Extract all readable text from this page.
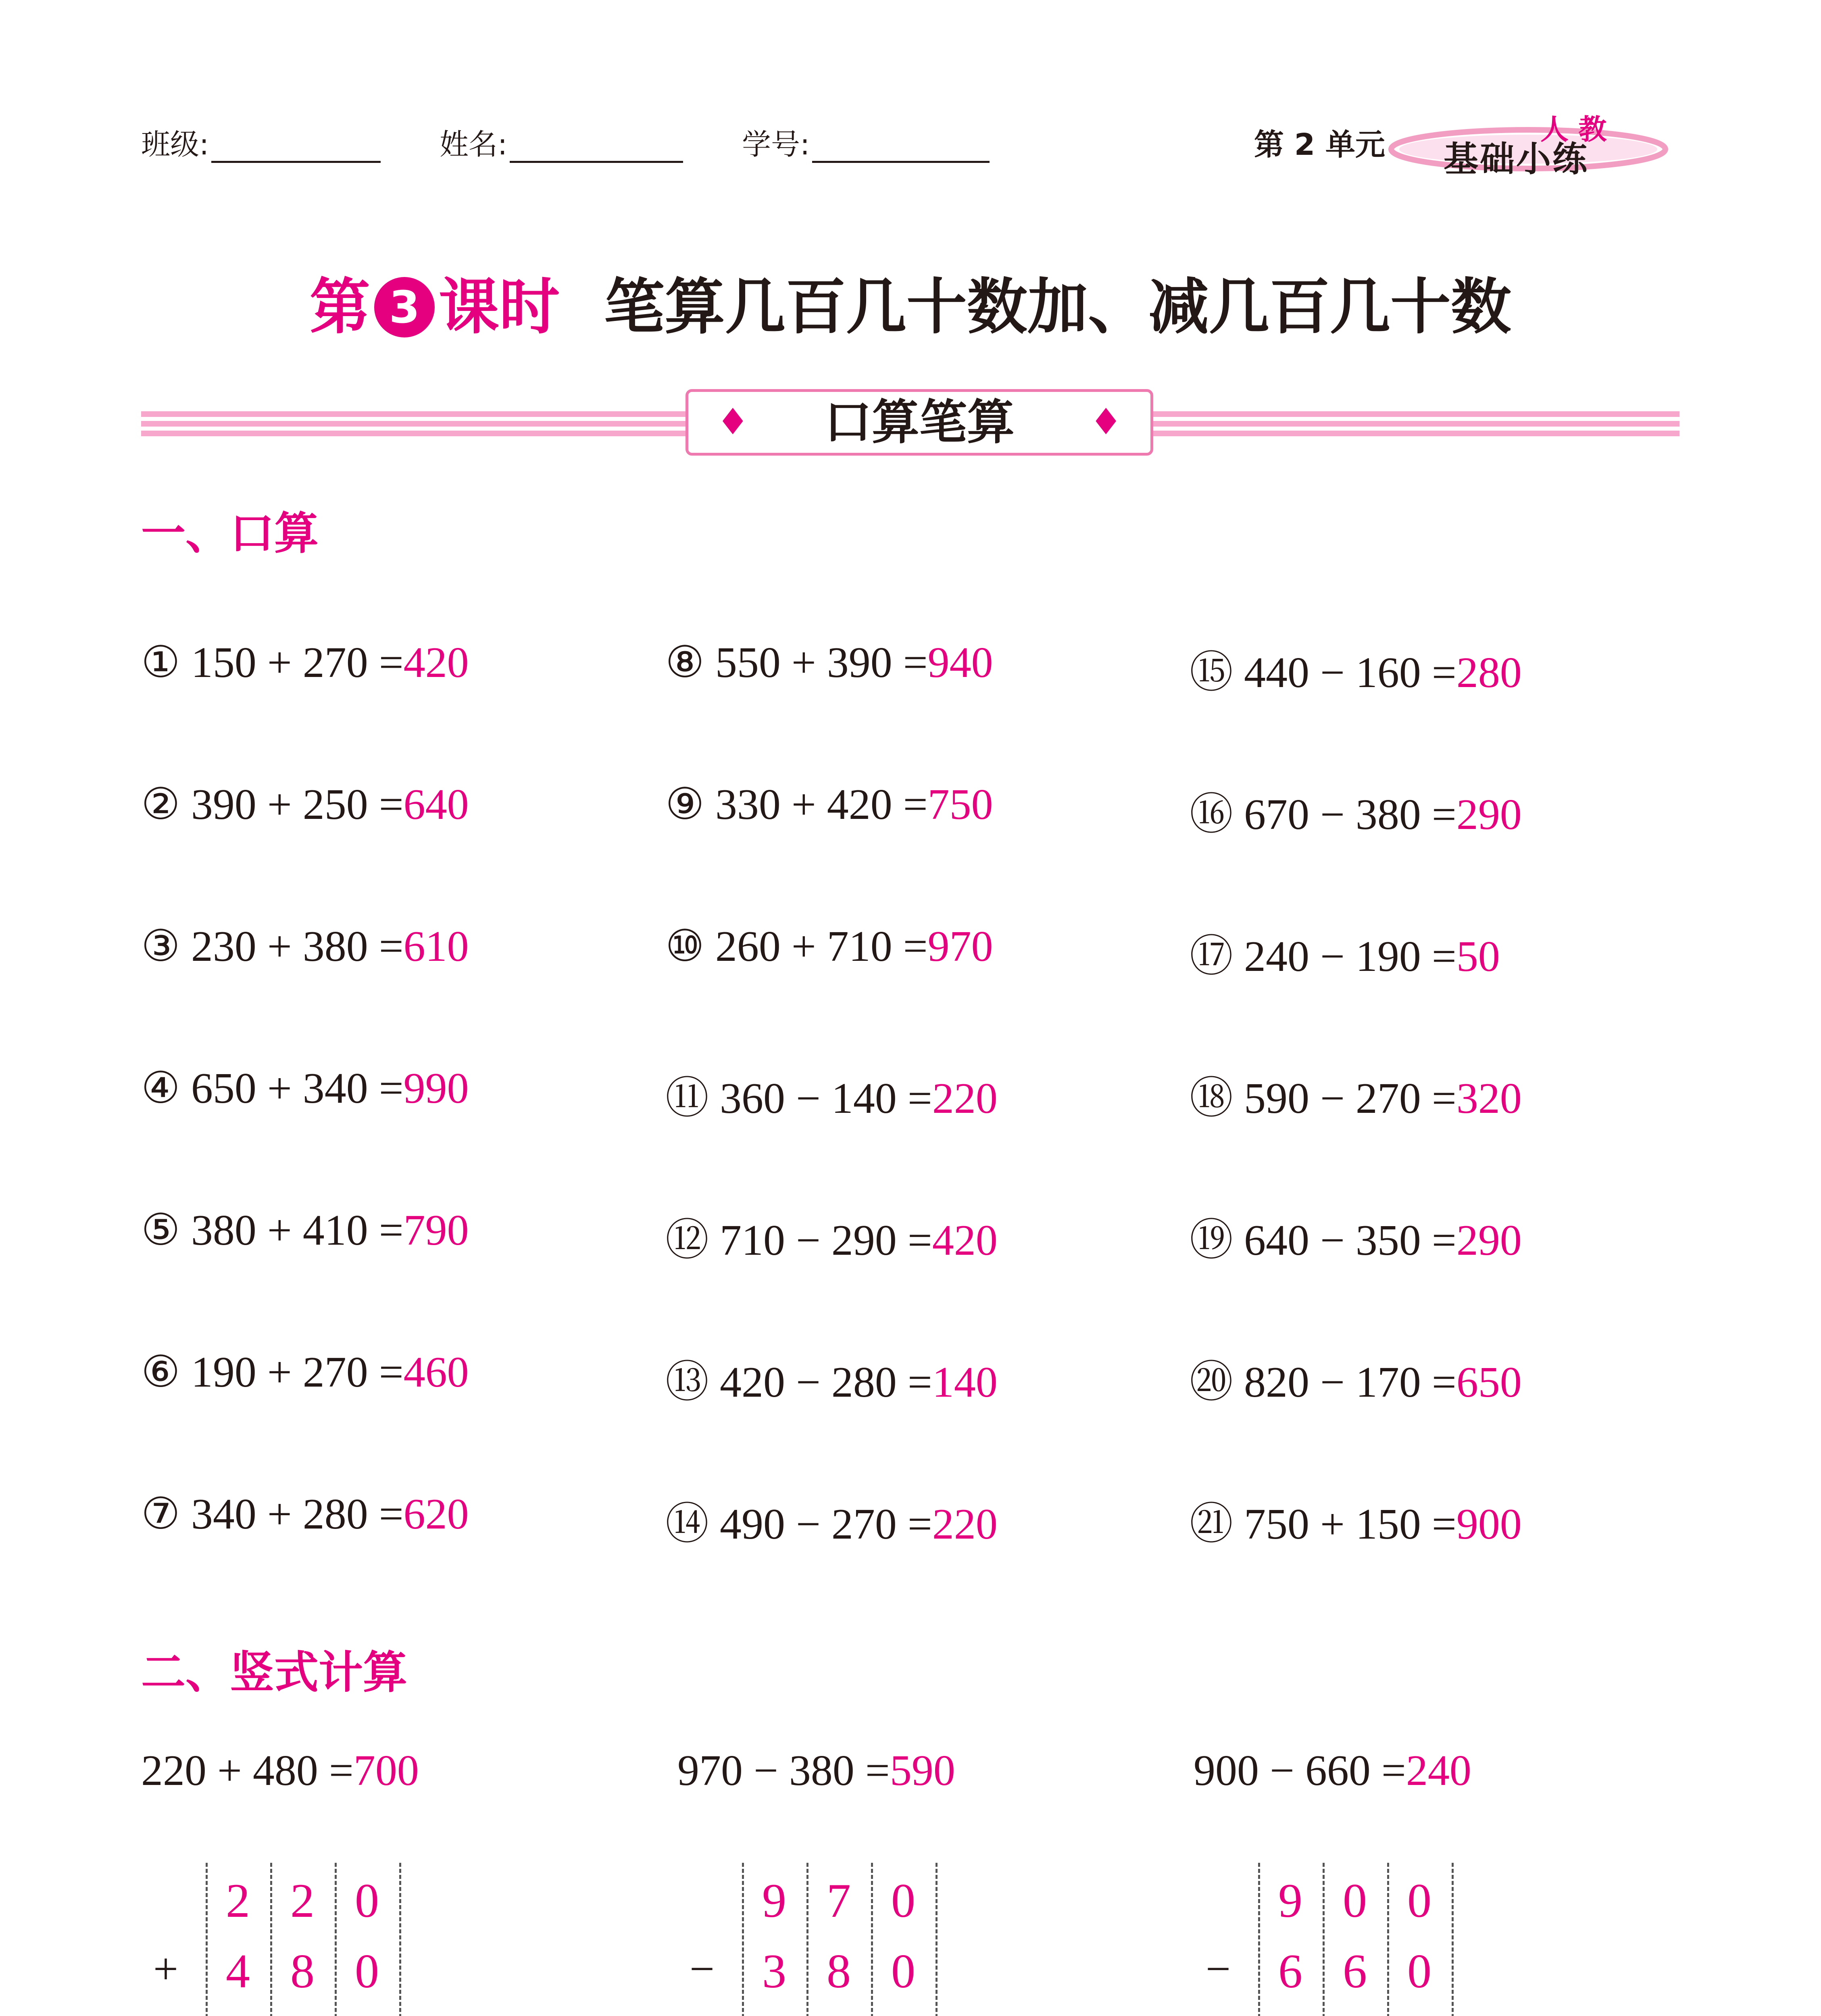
班级:	姓名:	学号:	第 2 单元	人 教
基础小练
第 3 课时 笔算几百几十数加、减几百几十数
♦ 口算笔算 ♦
一、口算
① 150 + 270 =420
② 390 + 250 =640
③ 230 + 380 =610
④ 650 + 340 =990
⑤ 380 + 410 =790
⑥ 190 + 270 =460
⑦ 340 + 280 =620
⑧ 550 + 390 =940
⑨ 330 + 420 =750
⑩ 260 + 710 =970
⑪ 360 − 140 =220
⑫ 710 − 290 =420
⑬ 420 − 280 =140
⑭ 490 − 270 =220
⑮ 440 − 160 =280
⑯ 670 − 380 =290
⑰ 240 − 190 =50
⑱ 590 − 270 =320
⑲ 640 − 350 =290
⑳ 820 − 170 =650
㉑ 750 + 150 =900
二、竖式计算
220 + 480 =700
+
2 2 0
4 8 0
970 − 380 =590
−
9 7 0
3 8 0
900 − 660 =240
−
9 0 0
6 6 0
